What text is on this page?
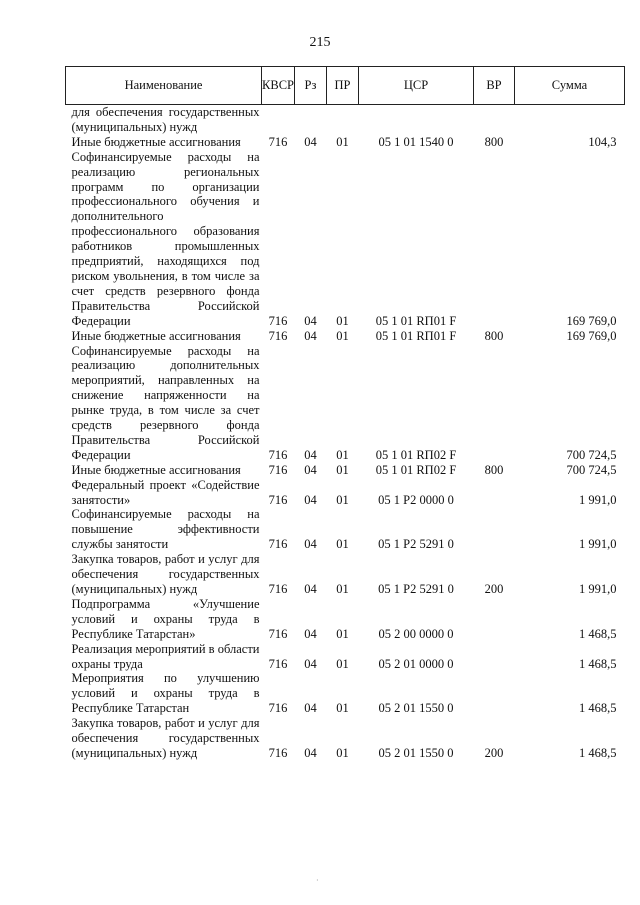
215
Наименование	КВСР	Рз	ПР	ЦСР	ВР	Сумма
для обеспечения государственных (муниципальных) нужд						
Иные бюджетные ассигнования	716	04	01	05 1 01 1540 0	800	104,3
Софинансируемые расходы на реализацию региональных программ по организации профессионального обучения и дополнительного профессионального образования работников промышленных предприятий, находящихся под риском увольнения, в том числе за счет средств резервного фонда Правительства Российской Федерации	716	04	01	05 1 01 RП01 F		169 769,0
Иные бюджетные ассигнования	716	04	01	05 1 01 RП01 F	800	169 769,0
Софинансируемые расходы на реализацию дополнительных мероприятий, направленных на снижение напряженности на рынке труда, в том числе за счет средств резервного фонда Правительства Российской Федерации	716	04	01	05 1 01 RП02 F		700 724,5
Иные бюджетные ассигнования	716	04	01	05 1 01 RП02 F	800	700 724,5
Федеральный проект «Содействие занятости»	716	04	01	05 1 P2 0000 0		1 991,0
Софинансируемые расходы на повышение эффективности службы занятости	716	04	01	05 1 P2 5291 0		1 991,0
Закупка товаров, работ и услуг для обеспечения государственных (муниципальных) нужд	716	04	01	05 1 P2 5291 0	200	1 991,0
Подпрограмма «Улучшение условий и охраны труда в Республике Татарстан»	716	04	01	05 2 00 0000 0		1 468,5
Реализация мероприятий в области охраны труда	716	04	01	05 2 01 0000 0		1 468,5
Мероприятия по улучшению условий и охраны труда в Республике Татарстан	716	04	01	05 2 01 1550 0		1 468,5
Закупка товаров, работ и услуг для обеспечения государственных (муниципальных) нужд	716	04	01	05 2 01 1550 0	200	1 468,5
·
